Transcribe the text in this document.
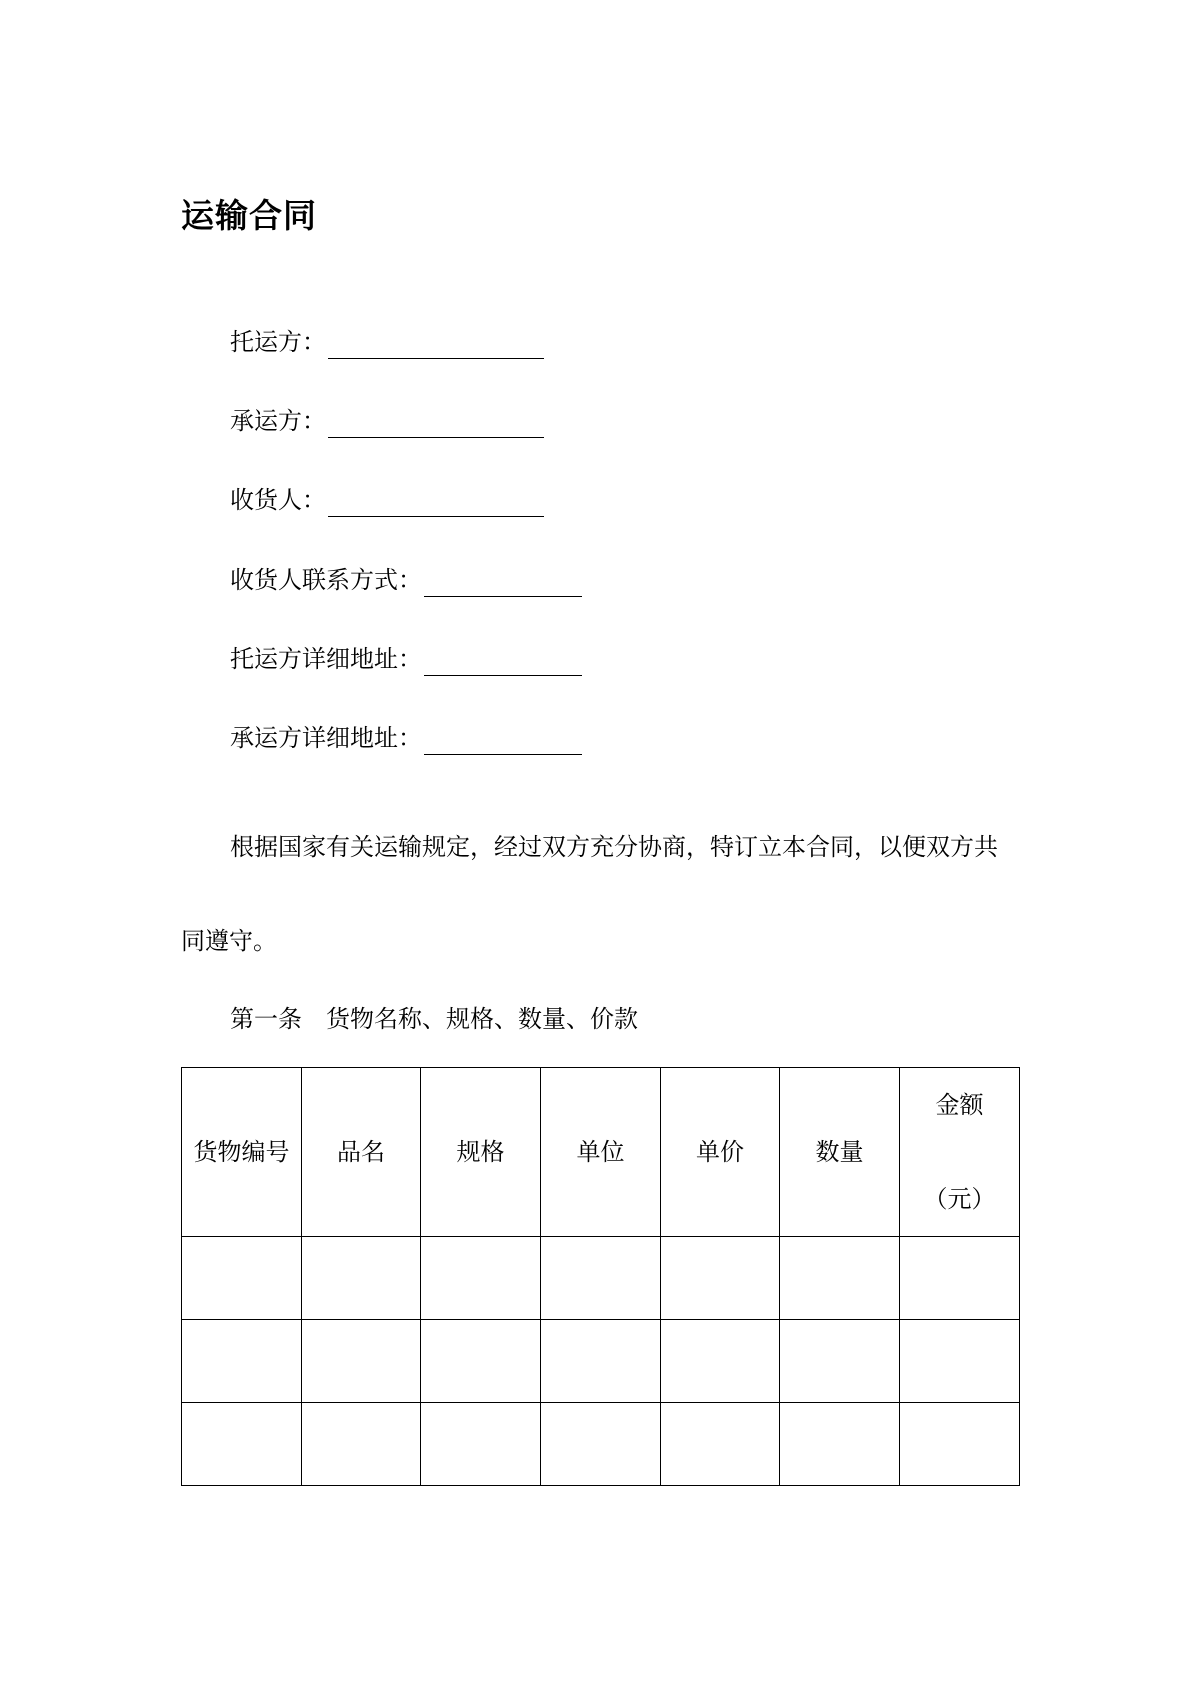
运输合同
托运方：
承运方：
收货人：
收货人联系方式：
托运方详细地址：
承运方详细地址：
根据国家有关运输规定，经过双方充分协商，特订立本合同，以便双方共
同遵守。
第一条　货物名称、规格、数量、价款
货物编号	品名	规格	单位	单价	数量	金额
（元）
